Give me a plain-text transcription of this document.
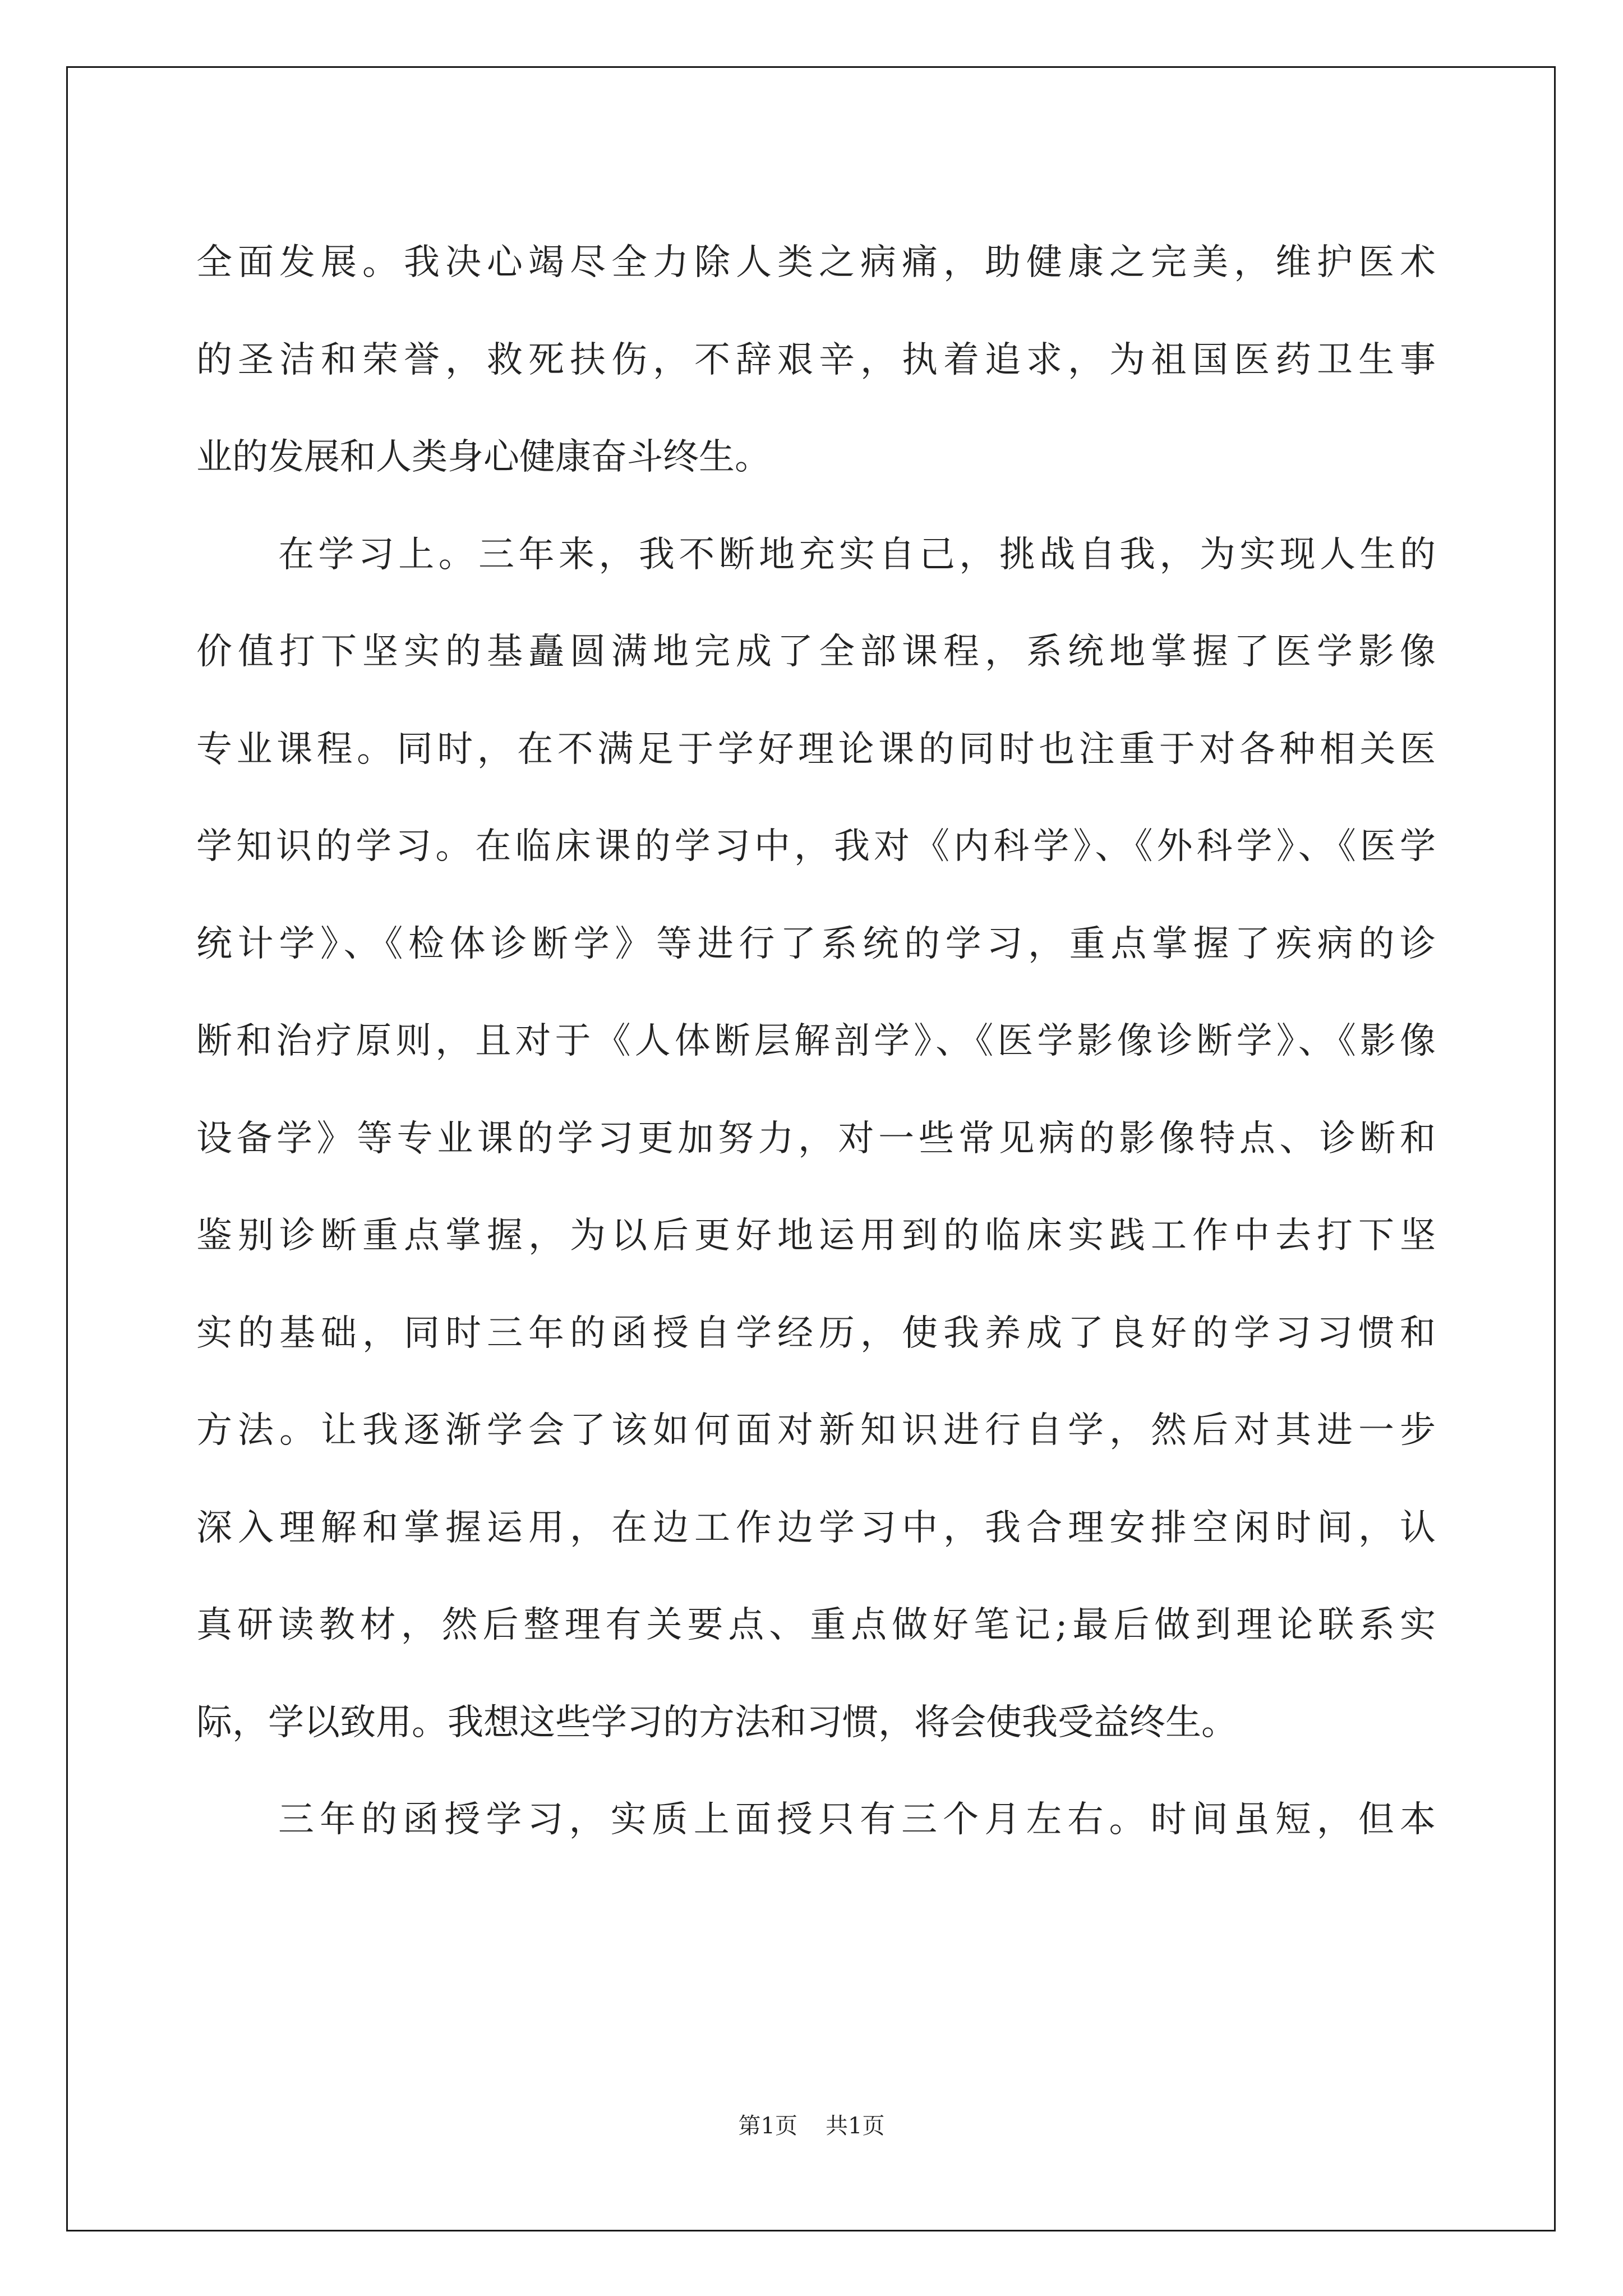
全面发展。我决心竭尽全力除人类之病痛，助健康之完美，维护医术
的圣洁和荣誉，救死扶伤，不辞艰辛，执着追求，为祖国医药卫生事
业的发展和人类身心健康奋斗终生。
在学习上。三年来，我不断地充实自己，挑战自我，为实现人生的
价值打下坚实的基矗圆满地完成了全部课程，系统地掌握了医学影像
专业课程。同时，在不满足于学好理论课的同时也注重于对各种相关医
学知识的学习。在临床课的学习中，我对《内科学》、《外科学》、《医学
统计学》、《检体诊断学》等进行了系统的学习，重点掌握了疾病的诊
断和治疗原则，且对于《人体断层解剖学》、《医学影像诊断学》、《影像
设备学》等专业课的学习更加努力，对一些常见病的影像特点、诊断和
鉴别诊断重点掌握，为以后更好地运用到的临床实践工作中去打下坚
实的基础，同时三年的函授自学经历，使我养成了良好的学习习惯和
方法。让我逐渐学会了该如何面对新知识进行自学，然后对其进一步
深入理解和掌握运用，在边工作边学习中，我合理安排空闲时间，认
真研读教材，然后整理有关要点、重点做好笔记;最后做到理论联系实
际，学以致用。我想这些学习的方法和习惯，将会使我受益终生。
三年的函授学习，实质上面授只有三个月左右。时间虽短，但本
第1页 共1页
